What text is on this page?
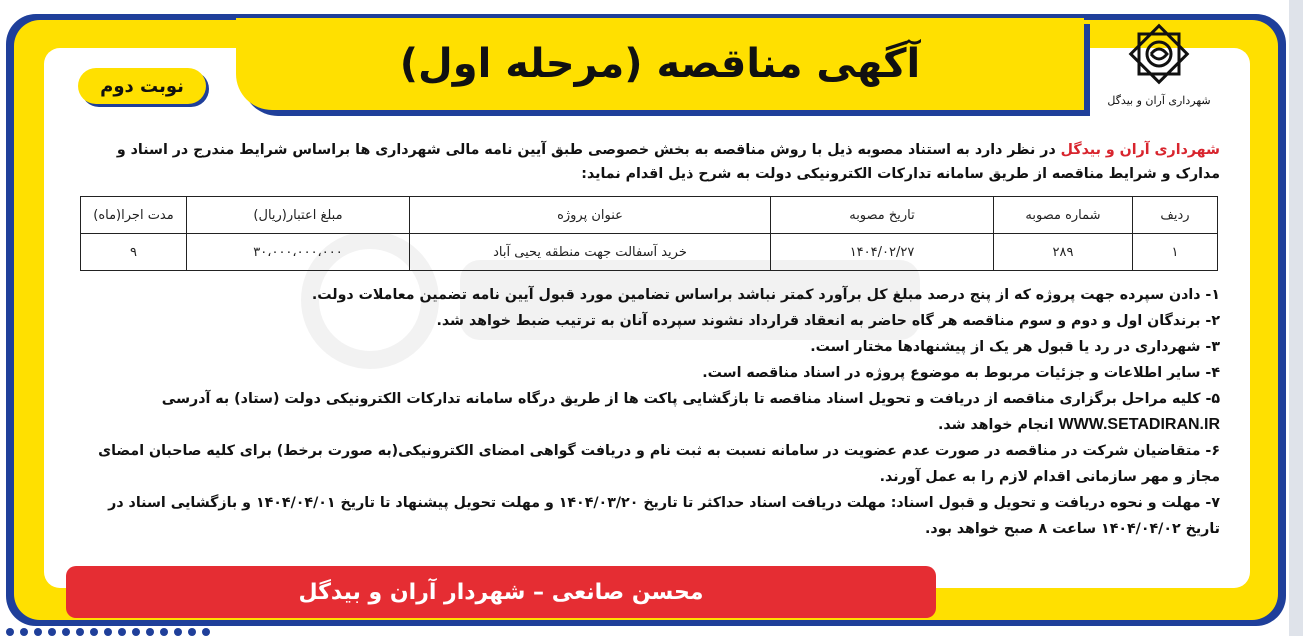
آگهی مناقصه (مرحله اول)
شهرداری آران و بیدگل
نوبت دوم
شهرداری آران و بیدگل در نظر دارد به استناد مصوبه ذیل با روش مناقصه به بخش خصوصی طبق آیین نامه مالی شهرداری ها براساس شرایط مندرج در اسناد و مدارک و شرایط مناقصه از طریق سامانه تدارکات الکترونیکی دولت به شرح ذیل اقدام نماید:
ردیف	شماره مصوبه	تاریخ مصوبه	عنوان پروژه	مبلغ اعتبار(ریال)	مدت اجرا(ماه)
۱	۲۸۹	۱۴۰۴/۰۲/۲۷	خرید آسفالت جهت منطقه یحیی آباد	۳۰،۰۰۰،۰۰۰،۰۰۰	۹
۱- دادن سپرده جهت پروژه که از پنج درصد مبلغ کل برآورد کمتر نباشد براساس تضامین مورد قبول آیین نامه تضمین معاملات دولت.
۲- برندگان اول و دوم و سوم مناقصه هر گاه حاضر به انعقاد قرارداد نشوند سپرده آنان به ترتیب ضبط خواهد شد.
۳- شهرداری در رد یا قبول هر یک از پیشنهادها مختار است.
۴- سایر اطلاعات و جزئیات مربوط به موضوع پروژه در اسناد مناقصه است.
۵- کلیه مراحل برگزاری مناقصه از دریافت و تحویل اسناد مناقصه تا بازگشایی پاکت ها از طریق درگاه سامانه تدارکات الکترونیکی دولت (ستاد) به آدرسی WWW.SETADIRAN.IR انجام خواهد شد.
۶- متقاضیان شرکت در مناقصه در صورت عدم عضویت در سامانه نسبت به ثبت نام و دریافت گواهی امضای الکترونیکی(به صورت برخط) برای کلیه صاحبان امضای مجاز و مهر سازمانی اقدام لازم را به عمل آورند.
۷- مهلت و نحوه دریافت و تحویل و قبول اسناد: مهلت دریافت اسناد حداکثر تا تاریخ ۱۴۰۴/۰۳/۲۰ و مهلت تحویل پیشنهاد تا تاریخ ۱۴۰۴/۰۴/۰۱ و بازگشایی اسناد در تاریخ ۱۴۰۴/۰۴/۰۲ ساعت ۸ صبح خواهد بود.
محسن صانعی – شهردار آران و بیدگل
